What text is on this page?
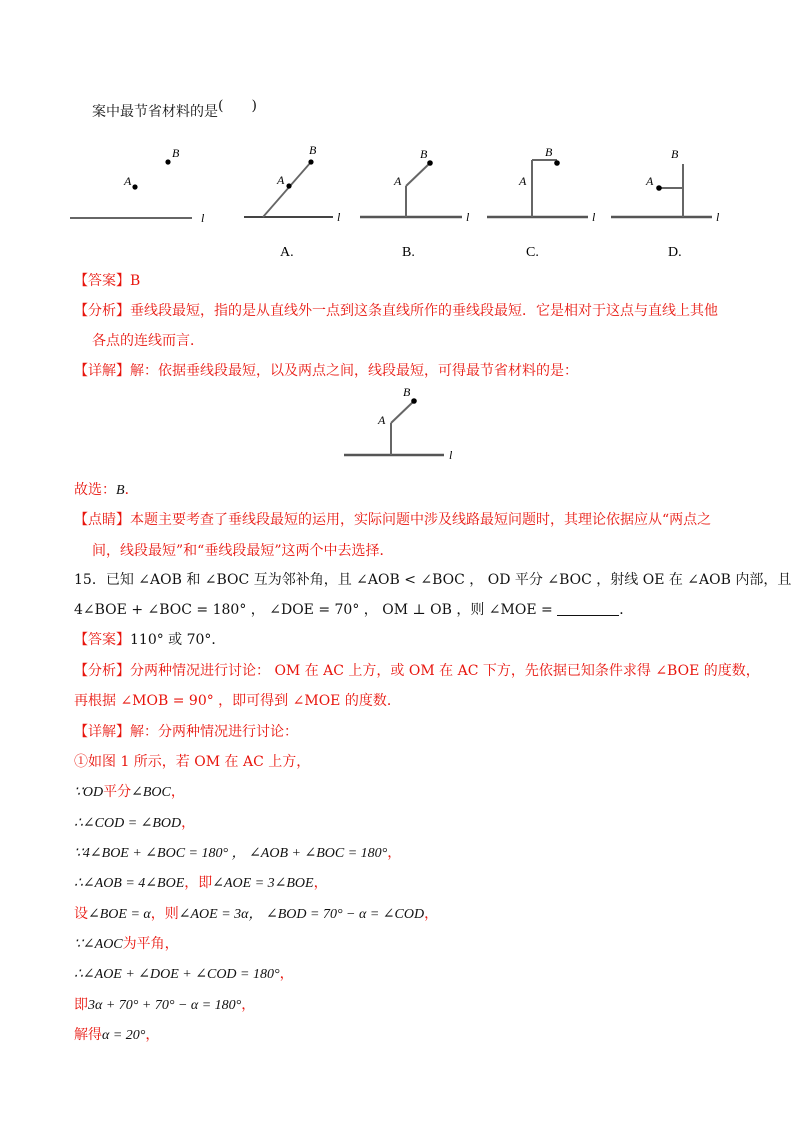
案中最节省材料的是(　　)
A
B
l
A
B
l
A.
A
B
l
B.
A
B
l
C.
A
B
l
D.
【答案】B
【分析】垂线段最短，指的是从直线外一点到这条直线所作的垂线段最短．它是相对于这点与直线上其他
各点的连线而言．
【详解】解：依据垂线段最短，以及两点之间，线段最短，可得最节省材料的是：
A
B
l
故选：B．
【点睛】本题主要考查了垂线段最短的运用，实际问题中涉及线路最短问题时，其理论依据应从“两点之
间，线段最短”和“垂线段最短”这两个中去选择．
15．已知 ∠AOB 和 ∠BOC 互为邻补角，且 ∠AOB < ∠BOC ， OD 平分 ∠BOC ，射线 OE 在 ∠AOB 内部，且
4∠BOE + ∠BOC = 180° ， ∠DOE = 70° ， OM ⊥ OB ，则 ∠MOE =	．
【答案】110° 或 70°．
【分析】分两种情况进行讨论： OM 在 AC 上方，或 OM 在 AC 下方，先依据已知条件求得 ∠BOE 的度数，
再根据 ∠MOB = 90° ，即可得到 ∠MOE 的度数．
【详解】解：分两种情况进行讨论：
①如图 1 所示，若 OM 在 AC 上方，
∵OD平分∠BOC，
∴∠COD = ∠BOD，
∵4∠BOE + ∠BOC = 180° ， ∠AOB + ∠BOC = 180°，
∴∠AOB = 4∠BOE，即∠AOE = 3∠BOE，
设∠BOE = α，则∠AOE = 3α， ∠BOD = 70° − α = ∠COD，
∵∠AOC为平角，
∴∠AOE + ∠DOE + ∠COD = 180°，
即3α + 70° + 70° − α = 180°，
解得α = 20°，
